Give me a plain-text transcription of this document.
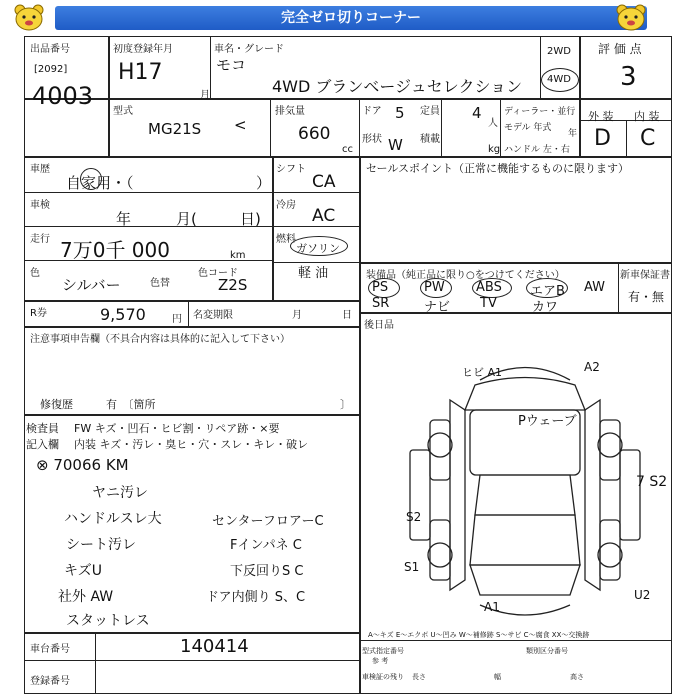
完全ゼロ切りコーナー
出品番号
[2092]
4003
初度登録年月
H17
月
車名・グレード
モコ
4WD ブランベージュセレクション
2WD
4WD
評 価 点
3
外 装 内 装
D C
型式
MG21S <
排気量
660
cc
ドア 5 定員 4
人
形状 W 積載
kg
ディーラー・並行
モデル 年式
年
ハンドル 左・右
車歴
自家用・（	）
車検
年	月(	日)
走行 7万0千 000	km
色
シルバー	色替
色コード
Z2S
シフト
CA
冷房
AC
燃料
ガソリン
軽 油
R券	9,570	円 名変期限	月	日
セールスポイント（正常に機能するものに限ります）
装備品（純正品に限り○をつけてください）	新車保証書
有・無
PS	PW ABS エアB AW
SR	ナビ TV	カワ
後日品
注意事項申告欄（不具合内容は具体的に記入して下さい）
修復歴　　　有　〔箇所	〕
検査員
記入欄
FW キズ・凹石・ヒビ割・リペア跡・×要
内装 キズ・汚レ・臭ヒ・穴・スレ・キレ・破レ
⊗ 70066 KM
ヤニ汚レ
ハンドルスレ大
シート汚レ
キズU
社外 AW
スタットレス
センターフロアーC
Fインパネ C
下反回りS C
ドア内側り S、C
ヒビ A1	A2
Pウェーブ
S2
7 S2
S1
A1
U2
車台番号	140414
登録番号
A～キズ E～エクボ U～凹み W～補修跡 S～サビ C～腐食 XX～交換跡
型式指定番号	類別区分番号
参 考
車検証の残り 長さ	幅	高さ
